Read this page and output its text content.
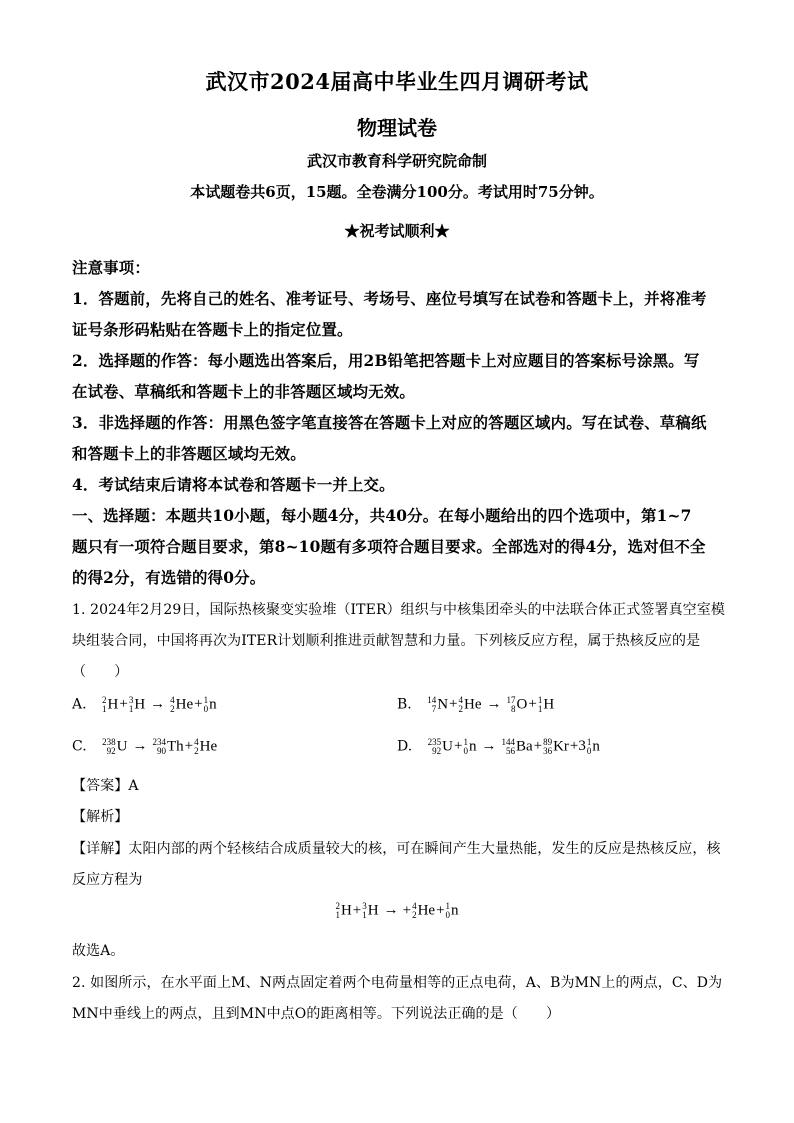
武汉市2024届高中毕业生四月调研考试
物理试卷
武汉市教育科学研究院命制
本试题卷共6页，15题。全卷满分100分。考试用时75分钟。
★祝考试顺利★
注意事项：
1．答题前，先将自己的姓名、准考证号、考场号、座位号填写在试卷和答题卡上，并将准考
证号条形码粘贴在答题卡上的指定位置。
2．选择题的作答：每小题选出答案后，用2B铅笔把答题卡上对应题目的答案标号涂黑。写
在试卷、草稿纸和答题卡上的非答题区域均无效。
3．非选择题的作答：用黑色签字笔直接答在答题卡上对应的答题区域内。写在试卷、草稿纸
和答题卡上的非答题区域均无效。
4．考试结束后请将本试卷和答题卡一并上交。
一、选择题：本题共10小题，每小题4分，共40分。在每小题给出的四个选项中，第1~7
题只有一项符合题目要求，第8~10题有多项符合题目要求。全部选对的得4分，选对但不全
的得2分，有选错的得0分。
1. 2024年2月29日，国际热核聚变实验堆（ITER）组织与中核集团牵头的中法联合体正式签署真空室模
块组装合同，中国将再次为ITER计划顺利推进贡献智慧和力量。下列核反应方程，属于热核反应的是
（　　）
A. 2
1 H+ 3
1 H → 4
2 He+ 1
0 n	B. 14
7 N+ 4
2 He → 17
8 O+ 1
1 H
C. 238
92 U → 234
90 Th+ 4
2 He	D. 235
92 U+ 1
0 n → 144
56 Ba+ 89
36 Kr+3 1
0 n
【答案】A
【解析】
【详解】太阳内部的两个轻核结合成质量较大的核，可在瞬间产生大量热能，发生的反应是热核反应，核
反应方程为
2
1 H+ 3
1 H → + 4
2 He+ 1
0 n
故选A。
2. 如图所示，在水平面上M、N两点固定着两个电荷量相等的正点电荷，A、B为MN上的两点，C、D为
MN中垂线上的两点，且到MN中点O的距离相等。下列说法正确的是（　　）
